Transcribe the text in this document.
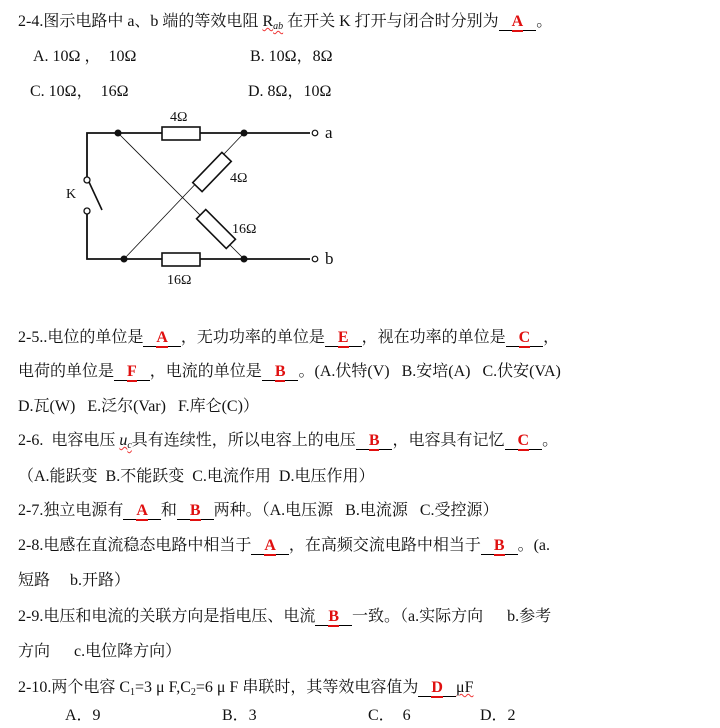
2-4.图示电路中 a、b 端的等效电阻 $R_{ab}$ 在开关 K 打开与闭合时分别为 A 。
2-5..电位的单位是 A ，无功功率的单位是 E ，视在功率的单位是 C ，
电荷的单位是 F ，电流的单位是 B 。(A.伏特(V)   B.安培(A)   C.伏安(VA)
D.瓦(W)   E.泛尔(Var)   F.库仑(C)）
2-6.  电容电压 $u_c$具有连续性，所以电容上的电压 B ，电容具有记忆 C 。
（A.能跃变  B.不能跃变  C.电流作用  D.电压作用）
2-7.独立电源有 A 和 B 两种。（A.电压源   B.电流源   C.受控源）
2-8.电感在直流稳态电路中相当于 A ，在高频交流电路中相当于 B 。(a.
短路     b.开路）
2-9.电压和电流的关联方向是指电压、电流 B 一致。（a.实际方向      b.参考
方向      c.电位降方向）
2-10.两个电容 $C_1=3$ μ $F,C_2=6$ μ F 串联时，其等效电容值为 D μF
A. 10Ω ，  10Ω	B. 10Ω，8Ω
C. 10Ω，  16Ω	D. 8Ω，10Ω
A．9	B．3	C．  6	D．2
4Ω
4Ω
16Ω
16Ω
K
a
b
